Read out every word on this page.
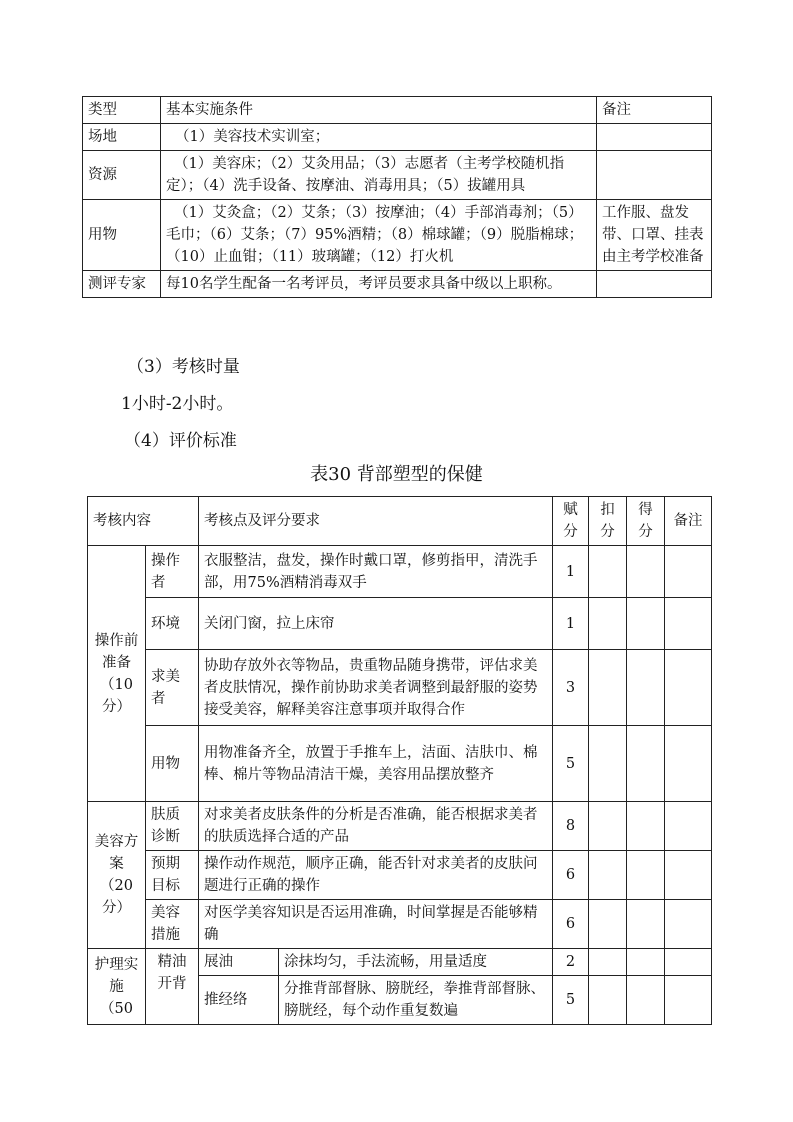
类型	基本实施条件	备注
场地	（1）美容技术实训室；	
资源	（1）美容床；（2）艾灸用品；（3）志愿者（主考学校随机指定）；（4）洗手设备、按摩油、消毒用具；（5）拔罐用具	
用物	（1）艾灸盒；（2）艾条；（3）按摩油；（4）手部消毒剂；（5）毛巾；（6）艾条；（7）95%酒精；（8）棉球罐；（9）脱脂棉球；（10）止血钳；（11）玻璃罐；（12）打火机	工作服、盘发带、口罩、挂表由主考学校准备
测评专家	每10名学生配备一名考评员，考评员要求具备中级以上职称。	
（3）考核时量
1小时-2小时。
（4）评价标准
表30 背部塑型的保健
考核内容		考核点及评分要求		赋分	扣分	得分	备注
操作前准备（10分）	操作者	衣服整洁，盘发，操作时戴口罩，修剪指甲，清洗手部，用75%酒精消毒双手		1			
	环境	关闭门窗，拉上床帘		1			
	求美者	协助存放外衣等物品，贵重物品随身携带，评估求美者皮肤情况，操作前协助求美者调整到最舒服的姿势接受美容，解释美容注意事项并取得合作		3			
	用物	用物准备齐全，放置于手推车上，洁面、洁肤巾、棉棒、棉片等物品清洁干燥，美容用品摆放整齐		5			
美容方案（20分）	肤质诊断	对求美者皮肤条件的分析是否准确，能否根据求美者的肤质选择合适的产品		8			
	预期目标	操作动作规范，顺序正确，能否针对求美者的皮肤问题进行正确的操作		6			
	美容措施	对医学美容知识是否运用准确，时间掌握是否能够精确		6			
护理实施（50	精油开背	展油	涂抹均匀，手法流畅，用量适度	2			
		推经络	分推背部督脉、膀胱经，拳推背部督脉、膀胱经，每个动作重复数遍	5			
